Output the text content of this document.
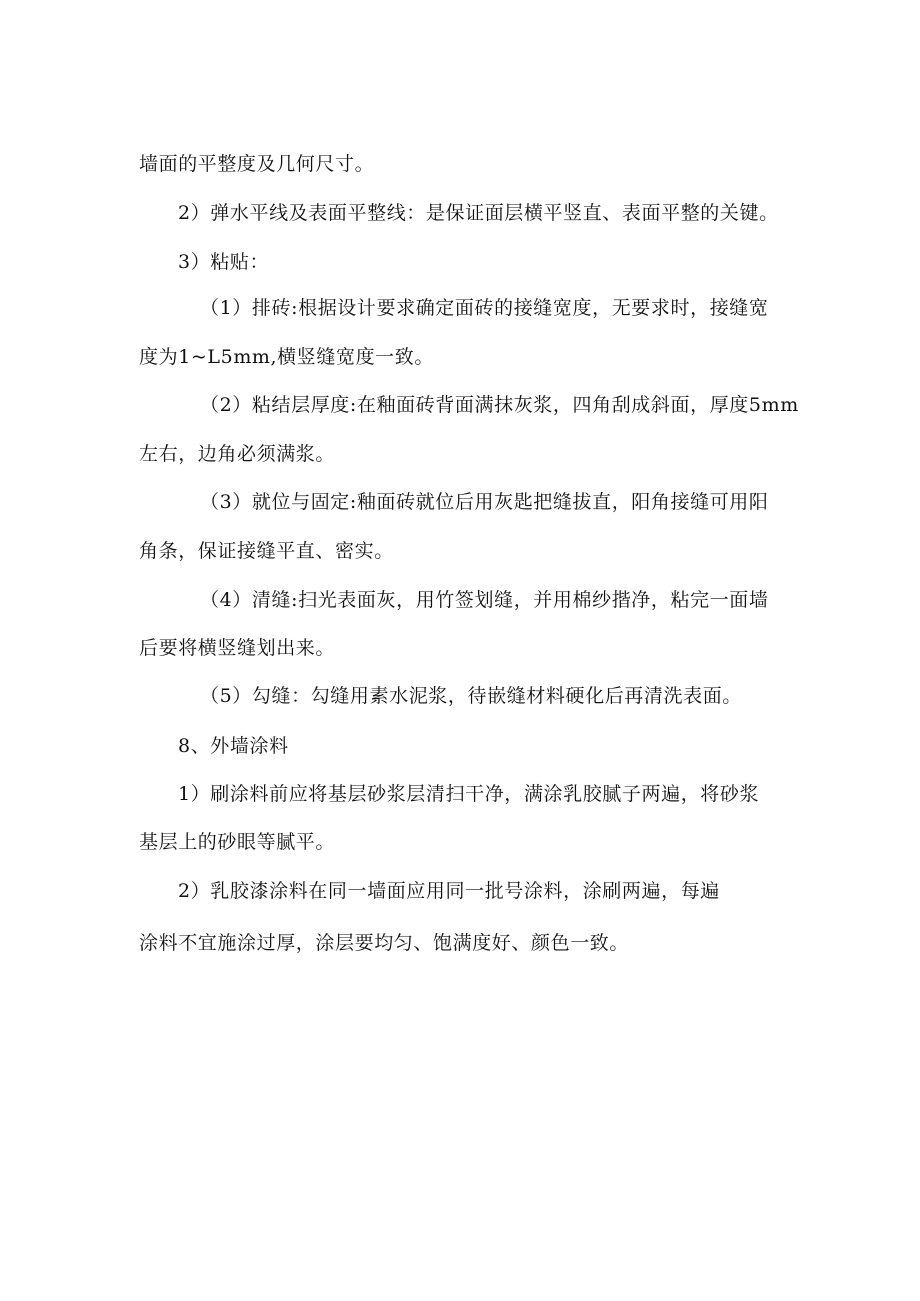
墙面的平整度及几何尺寸。
2）弹水平线及表面平整线：是保证面层横平竖直、表面平整的关键。
3）粘贴：
（1）排砖:根据设计要求确定面砖的接缝宽度，无要求时，接缝宽
度为1~L5mm,横竖缝宽度一致。
（2）粘结层厚度:在釉面砖背面满抹灰浆，四角刮成斜面，厚度5mm
左右，边角必须满浆。
（3）就位与固定:釉面砖就位后用灰匙把缝拔直，阳角接缝可用阳
角条，保证接缝平直、密实。
（4）清缝:扫光表面灰，用竹签划缝，并用棉纱揩净，粘完一面墙
后要将横竖缝划出来。
（5）勾缝：勾缝用素水泥浆，待嵌缝材料硬化后再清洗表面。
8、外墙涂料
1）刷涂料前应将基层砂浆层清扫干净，满涂乳胶腻子两遍，将砂浆
基层上的砂眼等腻平。
2）乳胶漆涂料在同一墙面应用同一批号涂料，涂刷两遍，每遍
涂料不宜施涂过厚，涂层要均匀、饱满度好、颜色一致。
